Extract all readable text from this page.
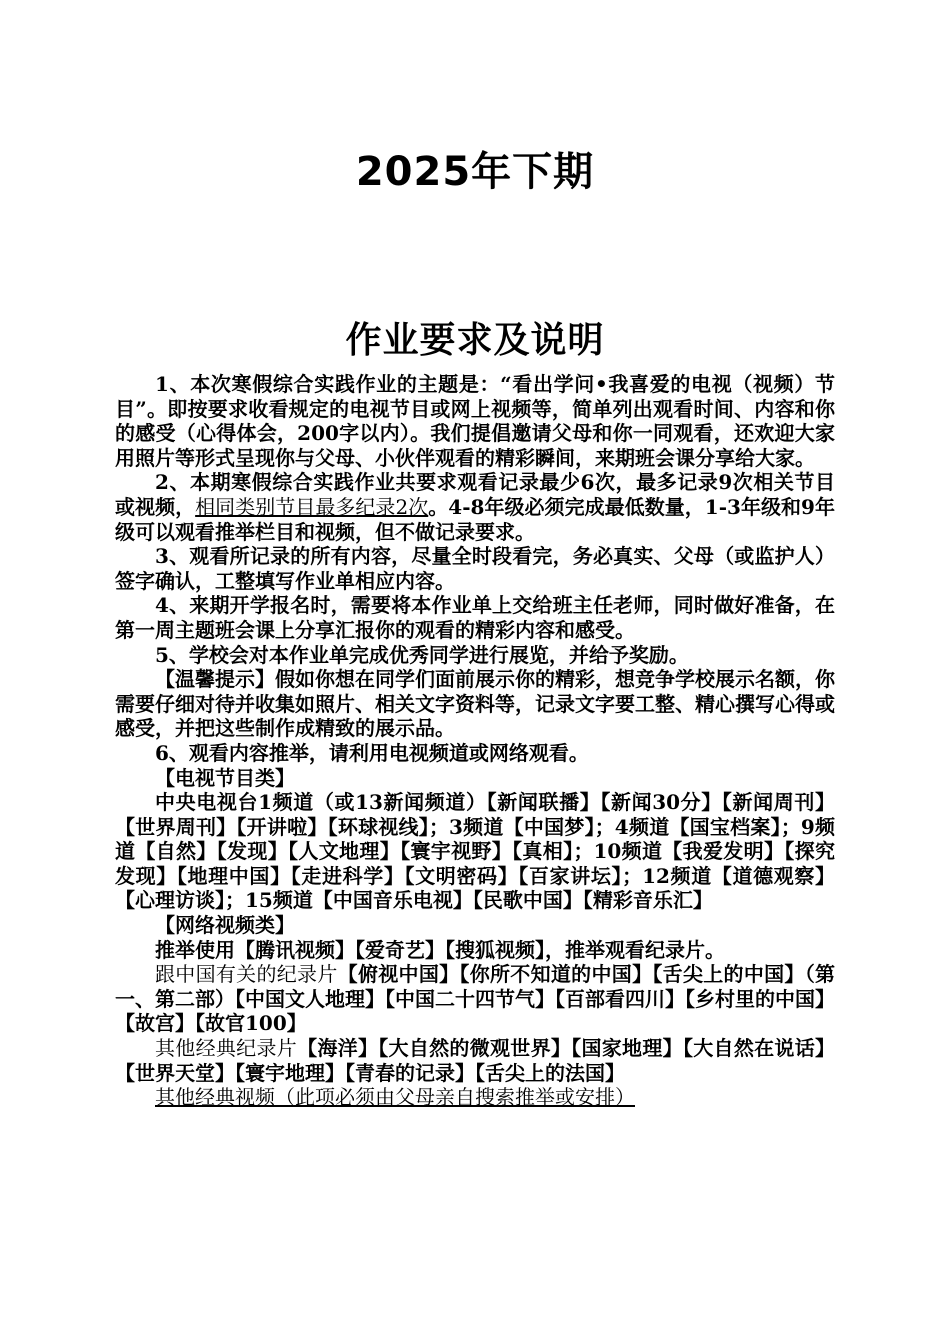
2025年下期
作业要求及说明

1、本次寒假综合实践作业的主题是：“看出学问•我喜爱的电视（视频）节目”。即按要求收看规定的电视节目或网上视频等，简单列出观看时间、内容和你的感受（心得体会，200字以内）。我们提倡邀请父母和你一同观看，还欢迎大家用照片等形式呈现你与父母、小伙伴观看的精彩瞬间，来期班会课分享给大家。

2、本期寒假综合实践作业共要求观看记录最少6次，最多记录9次相关节目或视频，相同类别节目最多纪录2次。4-8年级必须完成最低数量，1-3年级和9年级可以观看推举栏目和视频，但不做记录要求。

3、观看所记录的所有内容，尽量全时段看完，务必真实、父母（或监护人）签字确认，工整填写作业单相应内容。

4、来期开学报名时，需要将本作业单上交给班主任老师，同时做好准备，在第一周主题班会课上分享汇报你的观看的精彩内容和感受。

5、学校会对本作业单完成优秀同学进行展览，并给予奖励。

【温馨提示】假如你想在同学们面前展示你的精彩，想竞争学校展示名额，你需要仔细对待并收集如照片、相关文字资料等，记录文字要工整、精心撰写心得或感受，并把这些制作成精致的展示品。

6、观看内容推举，请利用电视频道或网络观看。

【电视节目类】

中央电视台1频道（或13新闻频道）【新闻联播】【新闻30分】【新闻周刊】【世界周刊】【开讲啦】【环球视线】；3频道【中国梦】；4频道【国宝档案】；9频道【自然】【发现】【人文地理】【寰宇视野】【真相】；10频道【我爱发明】【探究发现】【地理中国】【走进科学】【文明密码】【百家讲坛】；12频道【道德观察】【心理访谈】；15频道【中国音乐电视】【民歌中国】【精彩音乐汇】

【网络视频类】

推举使用【腾讯视频】【爱奇艺】【搜狐视频】，推举观看纪录片。

跟中国有关的纪录片【俯视中国】【你所不知道的中国】【舌尖上的中国】（第一、第二部）【中国文人地理】【中国二十四节气】【百部看四川】【乡村里的中国】【故宫】【故官100】

其他经典纪录片【海洋】【大自然的微观世界】【国家地理】【大自然在说话】【世界天堂】【寰宇地理】【青春的记录】【舌尖上的法国】

其他经典视频（此项必须由父母亲自搜索推举或安排）
